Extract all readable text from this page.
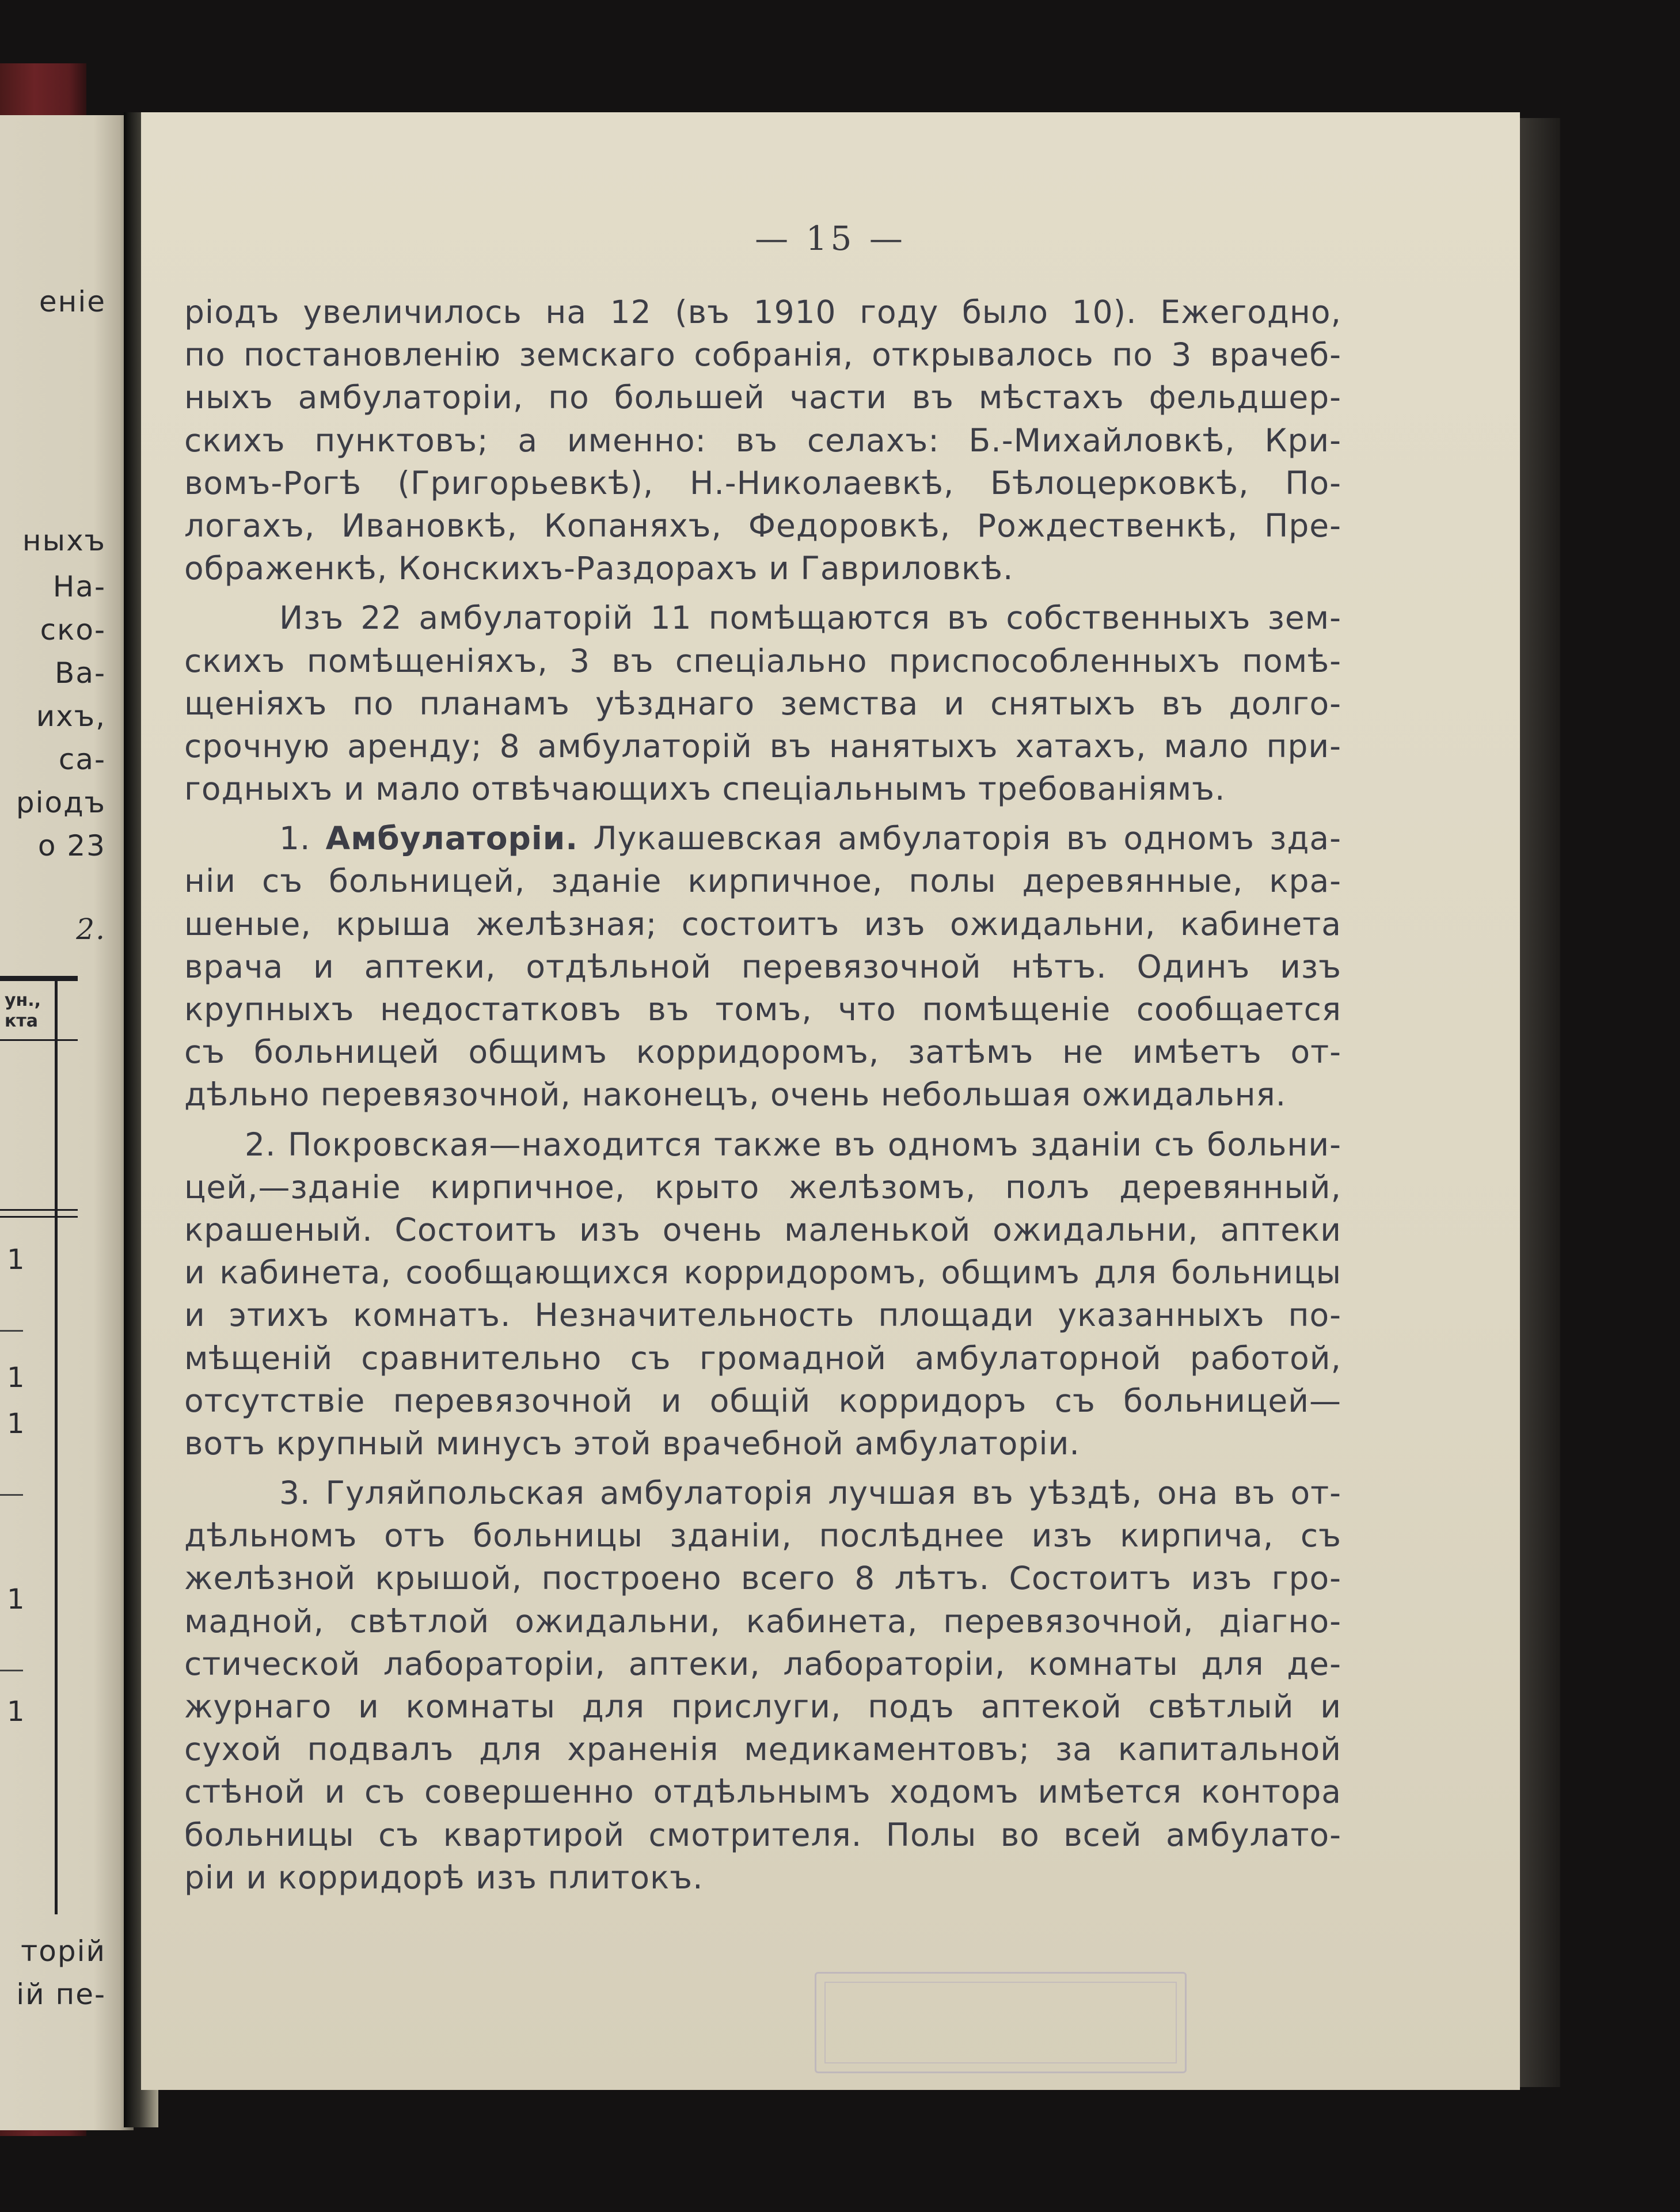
еніе
ныхъ
На-
ско-
Ва-
ихъ,
са-
ріодъ
о 23
2.
ун.,
кта
1
1
1
1
1
торій
ій пе-
— 15 —
ріодъ увеличилось на 12 (въ 1910 году было 10). Ежегодно,
по постановленію земскаго собранія, открывалось по 3 врачеб-
ныхъ амбулаторіи, по большей части въ мѣстахъ фельдшер-
скихъ пунктовъ; а именно: въ селахъ: Б.-Михайловкѣ, Кри-
вомъ-Рогѣ (Григорьевкѣ), Н.-Николаевкѣ, Бѣлоцерковкѣ, По-
логахъ, Ивановкѣ, Копаняхъ, Федоровкѣ, Рождественкѣ, Пре-
ображенкѣ, Конскихъ-Раздорахъ и Гавриловкѣ.
Изъ 22 амбулаторій 11 помѣщаются въ собственныхъ зем-
скихъ помѣщеніяхъ, 3 въ спеціально приспособленныхъ помѣ-
щеніяхъ по планамъ уѣзднаго земства и снятыхъ въ долго-
срочную аренду; 8 амбулаторій въ нанятыхъ хатахъ, мало при-
годныхъ и мало отвѣчающихъ спеціальнымъ требованіямъ.
1. Амбулаторіи. Лукашевская амбулаторія въ одномъ зда-
ніи съ больницей, зданіе кирпичное, полы деревянные, кра-
шеные, крыша желѣзная; состоитъ изъ ожидальни, кабинета
врача и аптеки, отдѣльной перевязочной нѣтъ. Одинъ изъ
крупныхъ недостатковъ въ томъ, что помѣщеніе сообщается
съ больницей общимъ корридоромъ, затѣмъ не имѣетъ от-
дѣльно перевязочной, наконецъ, очень небольшая ожидальня.
2. Покровская—находится также въ одномъ зданіи съ больни-
цей,—зданіе кирпичное, крыто желѣзомъ, полъ деревянный,
крашеный. Состоитъ изъ очень маленькой ожидальни, аптеки
и кабинета, сообщающихся корридоромъ, общимъ для больницы
и этихъ комнатъ. Незначительность площади указанныхъ по-
мѣщеній сравнительно съ громадной амбулаторной работой,
отсутствіе перевязочной и общій корридоръ съ больницей—
вотъ крупный минусъ этой врачебной амбулаторіи.
3. Гуляйпольская амбулаторія лучшая въ уѣздѣ, она въ от-
дѣльномъ отъ больницы зданіи, послѣднее изъ кирпича, съ
желѣзной крышой, построено всего 8 лѣтъ. Состоитъ изъ гро-
мадной, свѣтлой ожидальни, кабинета, перевязочной, діагно-
стической лабораторіи, аптеки, лабораторіи, комнаты для де-
журнаго и комнаты для прислуги, подъ аптекой свѣтлый и
сухой подвалъ для храненія медикаментовъ; за капитальной
стѣной и съ совершенно отдѣльнымъ ходомъ имѣется контора
больницы съ квартирой смотрителя. Полы во всей амбулато-
ріи и корридорѣ изъ плитокъ.
